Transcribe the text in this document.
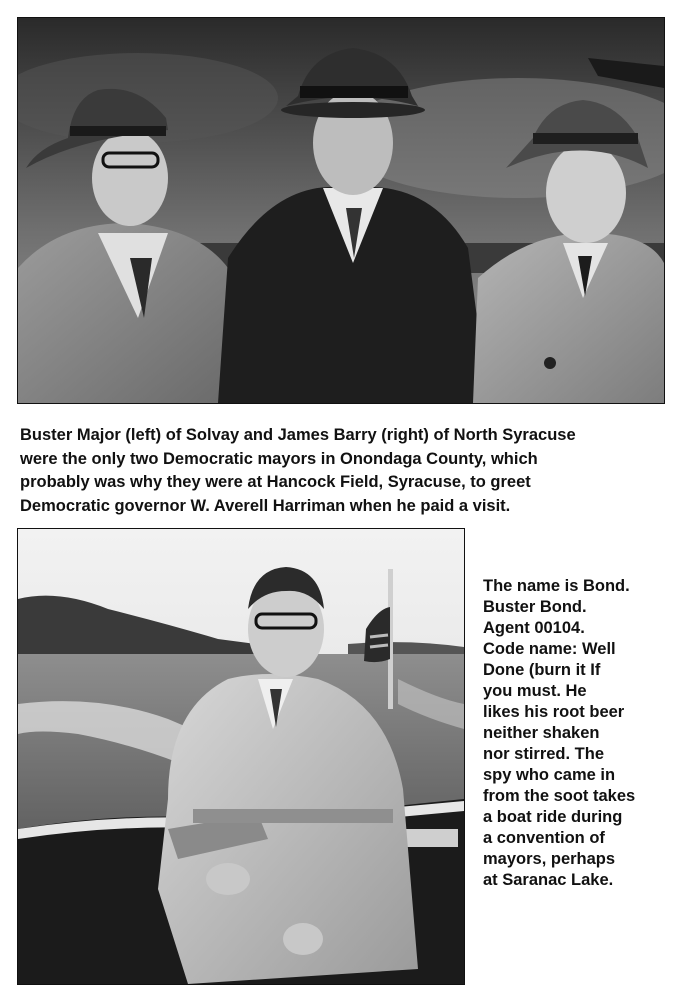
Buster Major (left) of Solvay and James Barry (right) of North Syracuse
were the only two Democratic mayors in Onondaga County, which
probably was why they were at Hancock Field, Syracuse, to greet
Democratic governor W. Averell Harriman when he paid a visit.

The name is Bond.
Buster Bond.
Agent 00104.
Code name: Well
Done (burn it If
you must. He
likes his root beer
neither shaken
nor stirred. The
spy who came in
from the soot takes
a boat ride during
a convention of
mayors, perhaps
at Saranac Lake.
